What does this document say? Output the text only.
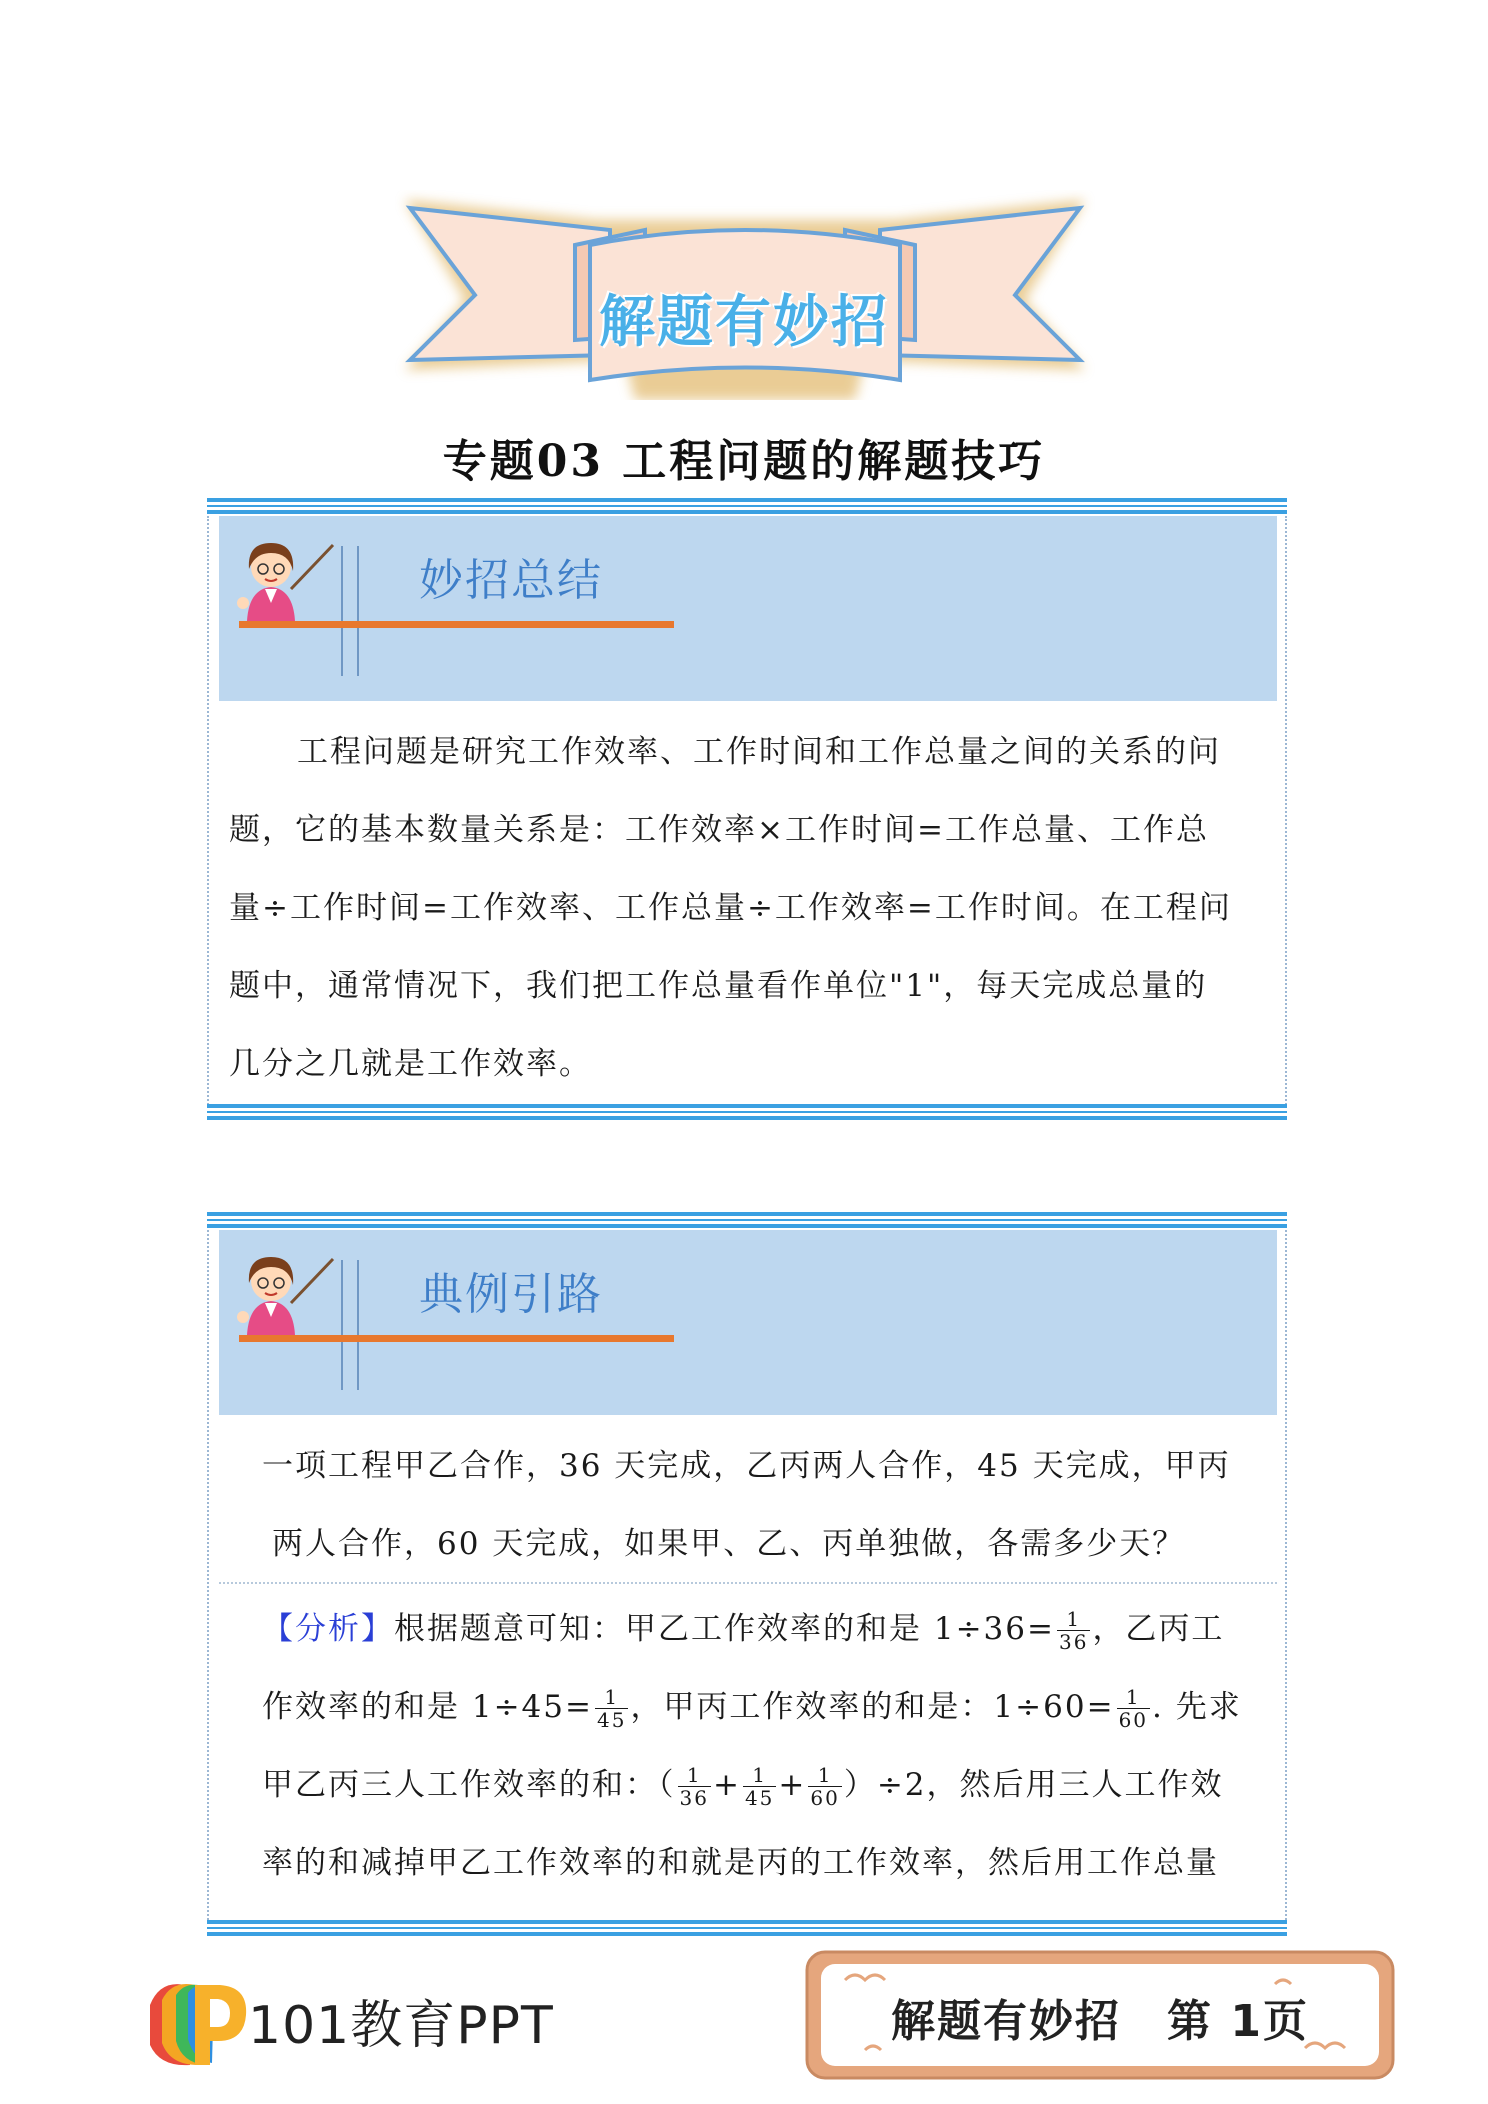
解题有妙招
专题03 工程问题的解题技巧
妙招总结
工程问题是研究工作效率、工作时间和工作总量之间的关系的问
题，它的基本数量关系是：工作效率×工作时间=工作总量、工作总
量÷工作时间=工作效率、工作总量÷工作效率=工作时间。在工程问
题中，通常情况下，我们把工作总量看作单位"1"，每天完成总量的
几分之几就是工作效率。
典例引路
一项工程甲乙合作，36 天完成，乙丙两人合作，45 天完成，甲丙
两人合作，60 天完成，如果甲、乙、丙单独做，各需多少天？
【分析】根据题意可知：甲乙工作效率的和是 $1\div 36= \frac{1}{36}$ ，乙丙工
作效率的和是 $1\div 45= \frac{1}{45}$ ，甲丙工作效率的和是：$1\div 60= \frac{1}{60}$ . 先求
甲乙丙三人工作效率的和：（ $\frac{1}{36} + \frac{1}{45} + \frac{1}{60} )\div 2$，然后用三人工作效
率的和减掉甲乙工作效率的和就是丙的工作效率，然后用工作总量
101教育PPT	解题有妙招　第 1页
